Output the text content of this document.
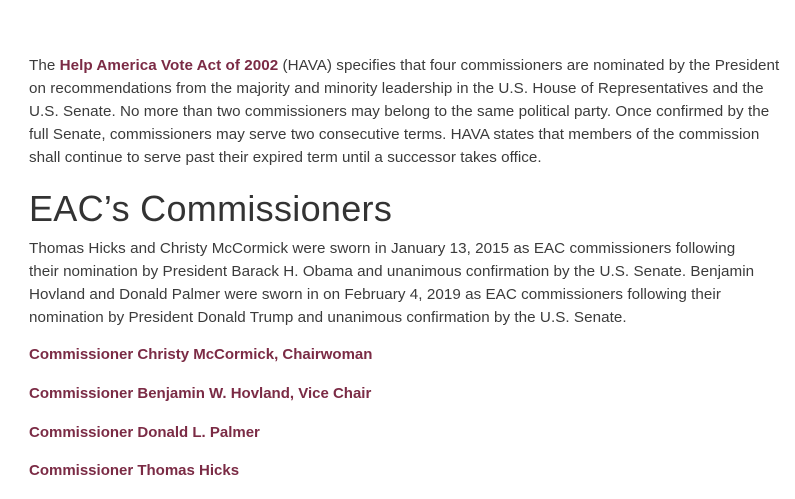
The Help America Vote Act of 2002 (HAVA) specifies that four commissioners are nominated by the President on recommendations from the majority and minority leadership in the U.S. House of Representatives and the U.S. Senate. No more than two commissioners may belong to the same political party. Once confirmed by the full Senate, commissioners may serve two consecutive terms. HAVA states that members of the commission shall continue to serve past their expired term until a successor takes office.

EAC’s Commissioners

Thomas Hicks and Christy McCormick were sworn in January 13, 2015 as EAC commissioners following their nomination by President Barack H. Obama and unanimous confirmation by the U.S. Senate. Benjamin Hovland and Donald Palmer were sworn in on February 4, 2019 as EAC commissioners following their nomination by President Donald Trump and unanimous confirmation by the U.S. Senate.

Commissioner Christy McCormick, Chairwoman
Commissioner Benjamin W. Hovland, Vice Chair
Commissioner Donald L. Palmer
Commissioner Thomas Hicks
